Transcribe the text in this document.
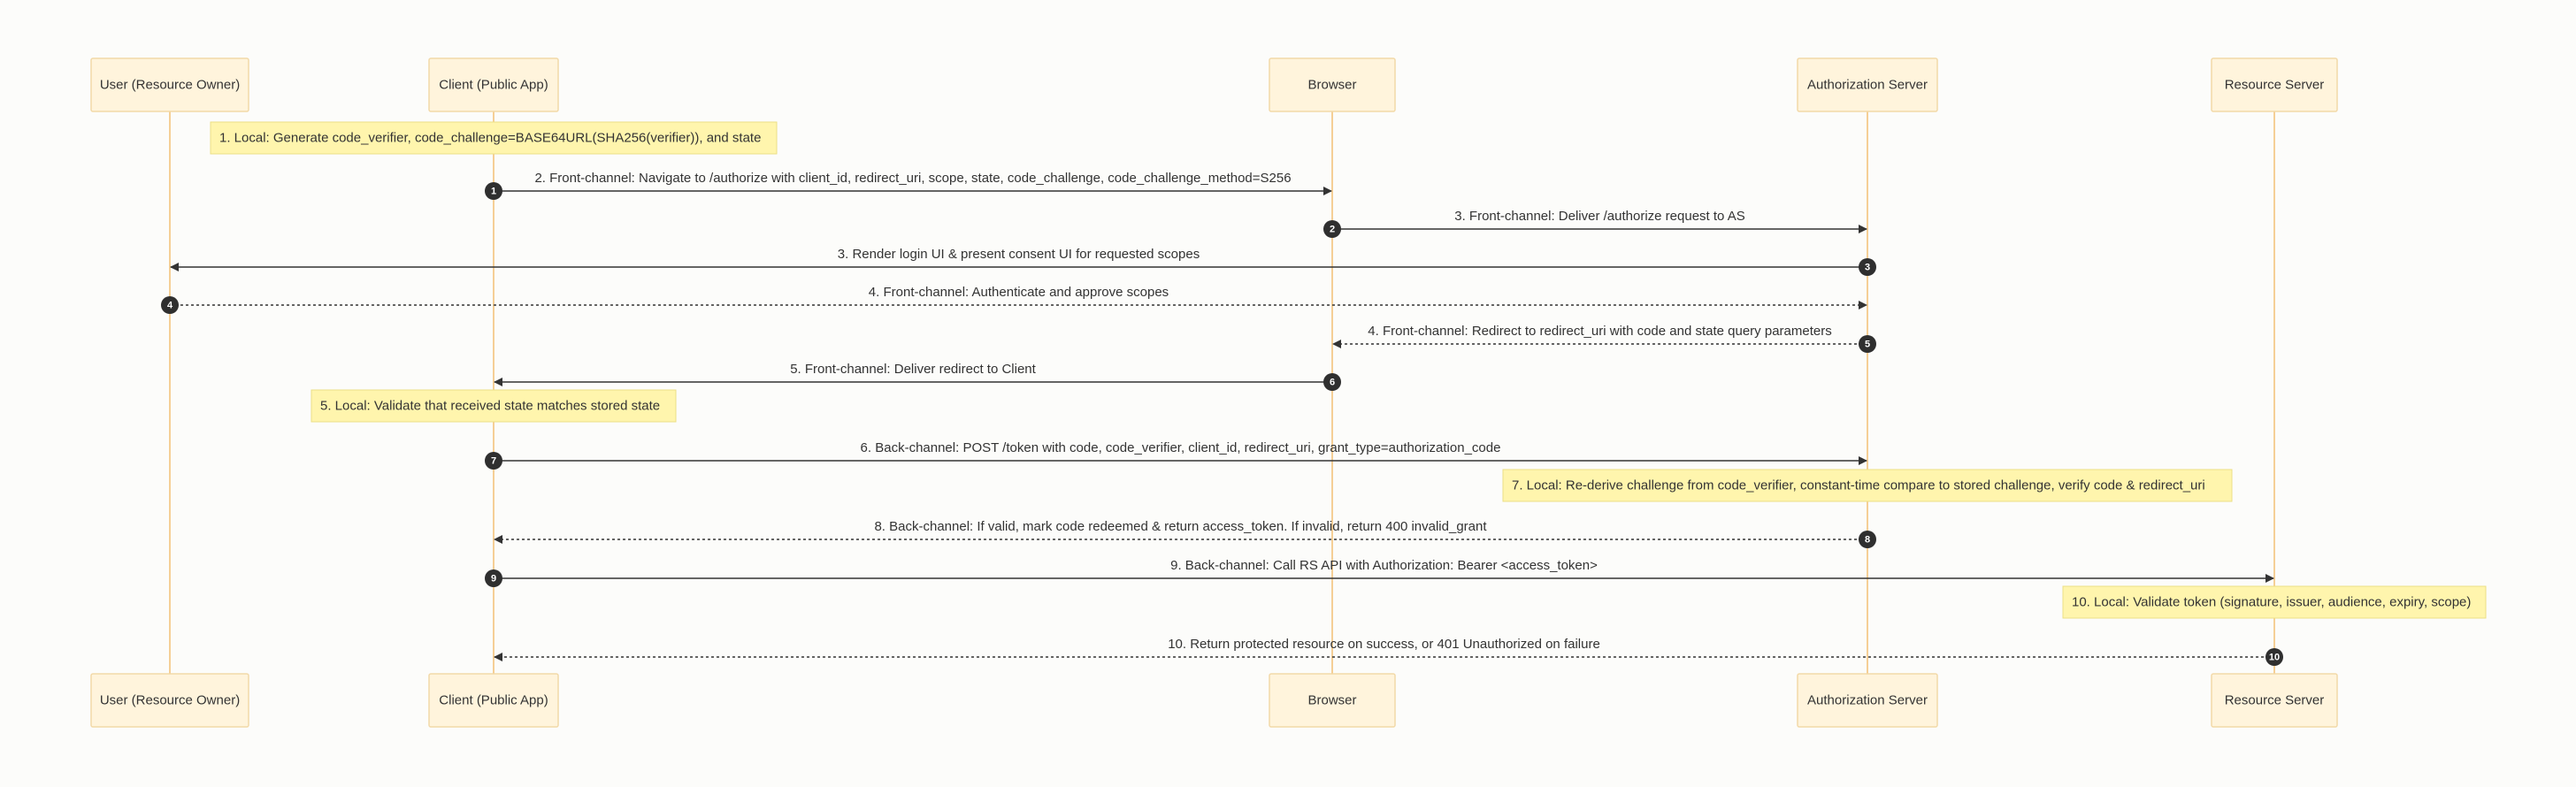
User (Resource Owner)
User (Resource Owner)
Client (Public App)
Client (Public App)
Browser
Browser
Authorization Server
Authorization Server
Resource Server
Resource Server
1. Local: Generate code_verifier, code_challenge=BASE64URL(SHA256(verifier)), and state
5. Local: Validate that received state matches stored state
7. Local: Re-derive challenge from code_verifier, constant-time compare to stored challenge, verify code & redirect_uri
10. Local: Validate token (signature, issuer, audience, expiry, scope)
2. Front-channel: Navigate to /authorize with client_id, redirect_uri, scope, state, code_challenge, code_challenge_method=S256
1
3. Front-channel: Deliver /authorize request to AS
2
3. Render login UI & present consent UI for requested scopes
3
4. Front-channel: Authenticate and approve scopes
4
4. Front-channel: Redirect to redirect_uri with code and state query parameters
5
5. Front-channel: Deliver redirect to Client
6
6. Back-channel: POST /token with code, code_verifier, client_id, redirect_uri, grant_type=authorization_code
7
8. Back-channel: If valid, mark code redeemed & return access_token. If invalid, return 400 invalid_grant
8
9. Back-channel: Call RS API with Authorization: Bearer <access_token>
9
10. Return protected resource on success, or 401 Unauthorized on failure
10
